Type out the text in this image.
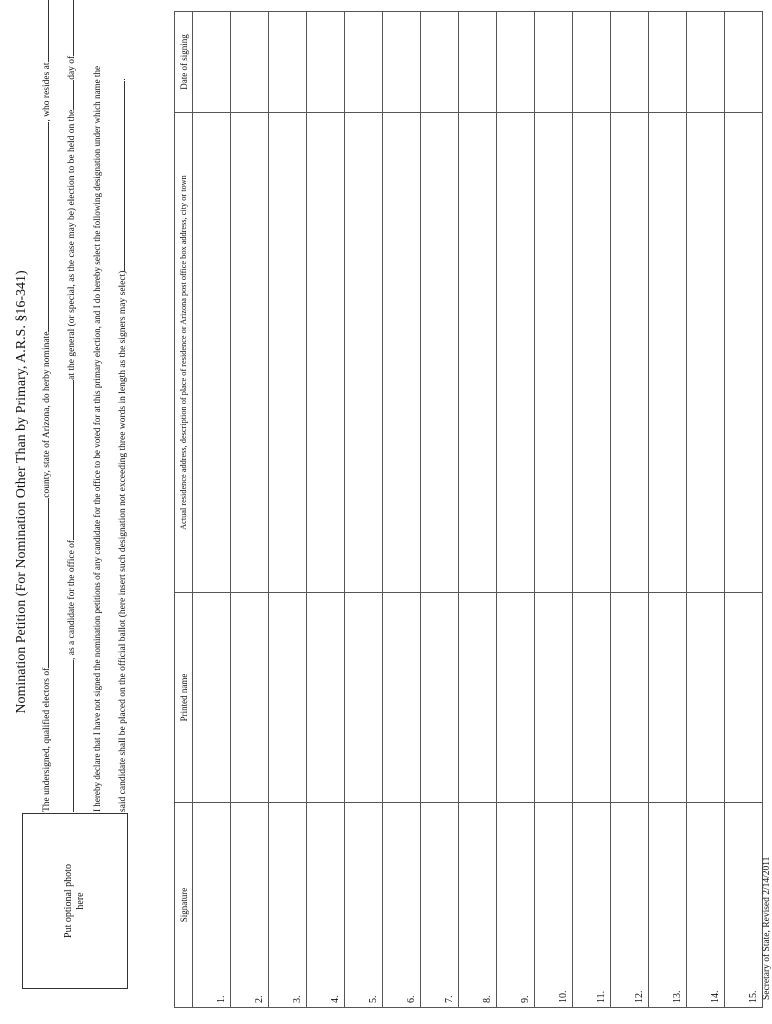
Put optional photo here
Nomination Petition (For Nomination Other Than by Primary, A.R.S. §16-341)
The undersigned, qualified electors ofcounty, state of Arizona, do herby nominate, who resides at
, as a candidate for the office ofat the general (or special, as the case may be) election to be held on theday of I hereby declare that I have not signed the nomination petitions of any candidate for the office to be voted for at this primary election, and I do hereby select the following designation under which name the	said candidate shall be placed on the official ballot (here insert such designation not exceeding three words in length as the signers may select).
Signature	Printed name	Actual residence address, description of place of residence or Arizona post office box address, city or town	Date of signing
1.			
2.			
3.			
4.			
5.			
6.			
7.			
8.			
9.			
10.			
11.			
12.			
13.			
14.			
15.			Secretary of State, Revised 2/14/2011
